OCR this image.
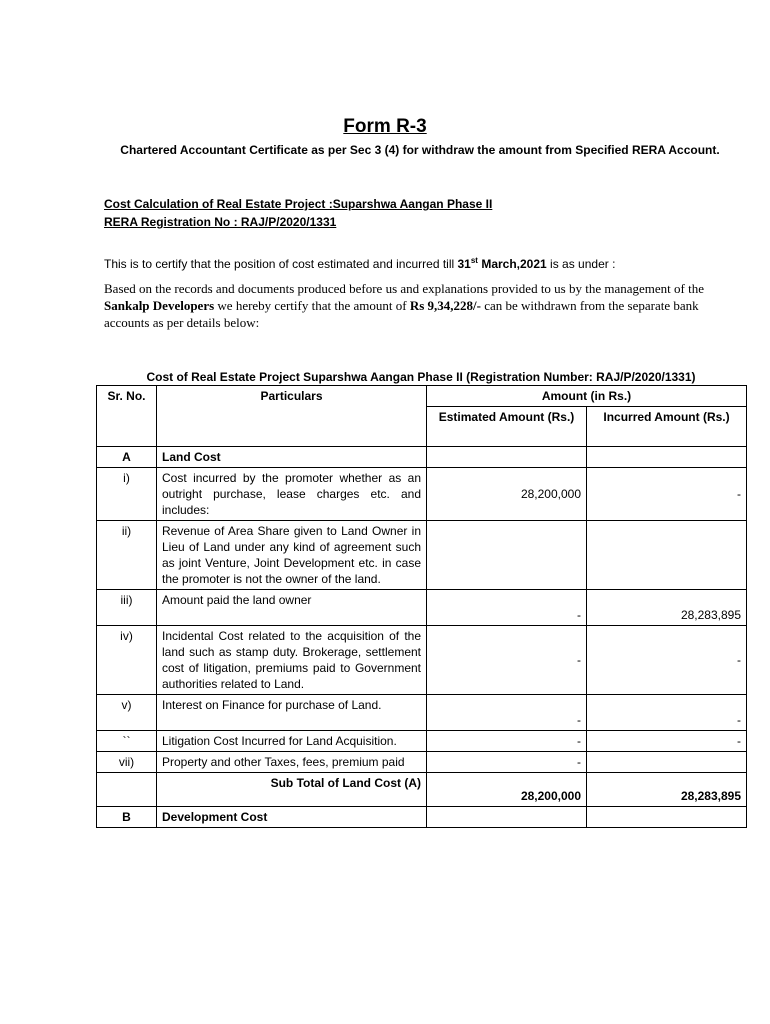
Form R-3
Chartered Accountant Certificate as per Sec 3 (4) for withdraw the amount from Specified RERA Account.
Cost Calculation of Real Estate Project :Suparshwa Aangan Phase II
RERA Registration No : RAJ/P/2020/1331
This is to certify that the position of cost estimated and incurred till 31st March,2021 is as under :
Based on the records and documents produced before us and explanations provided to us by the management of the Sankalp Developers we hereby certify that the amount of Rs 9,34,228/- can be withdrawn from the separate bank accounts as per details below:
Cost of Real Estate Project Suparshwa Aangan Phase II (Registration Number: RAJ/P/2020/1331)
Sr. No.	Particulars	Amount (in Rs.)	
		Estimated Amount (Rs.)	Incurred Amount (Rs.)
A	Land Cost		
i)	Cost incurred by the promoter whether as an outright purchase, lease charges etc. and includes:	28,200,000	-
ii)	Revenue of Area Share given to Land Owner in Lieu of Land under any kind of agreement such as joint Venture, Joint Development etc. in case the promoter is not the owner of the land.		
iii)	Amount paid the land owner	-	28,283,895
iv)	Incidental Cost related to the acquisition of the land such as stamp duty. Brokerage, settlement cost of litigation, premiums paid to Government authorities related to Land.	-	-
v)	Interest on Finance for purchase of Land.	-	-
``	Litigation Cost Incurred for Land Acquisition.	-	-
vii)	Property and other Taxes, fees, premium paid	-	
	Sub Total of Land Cost (A)	28,200,000	28,283,895
B	Development Cost		
